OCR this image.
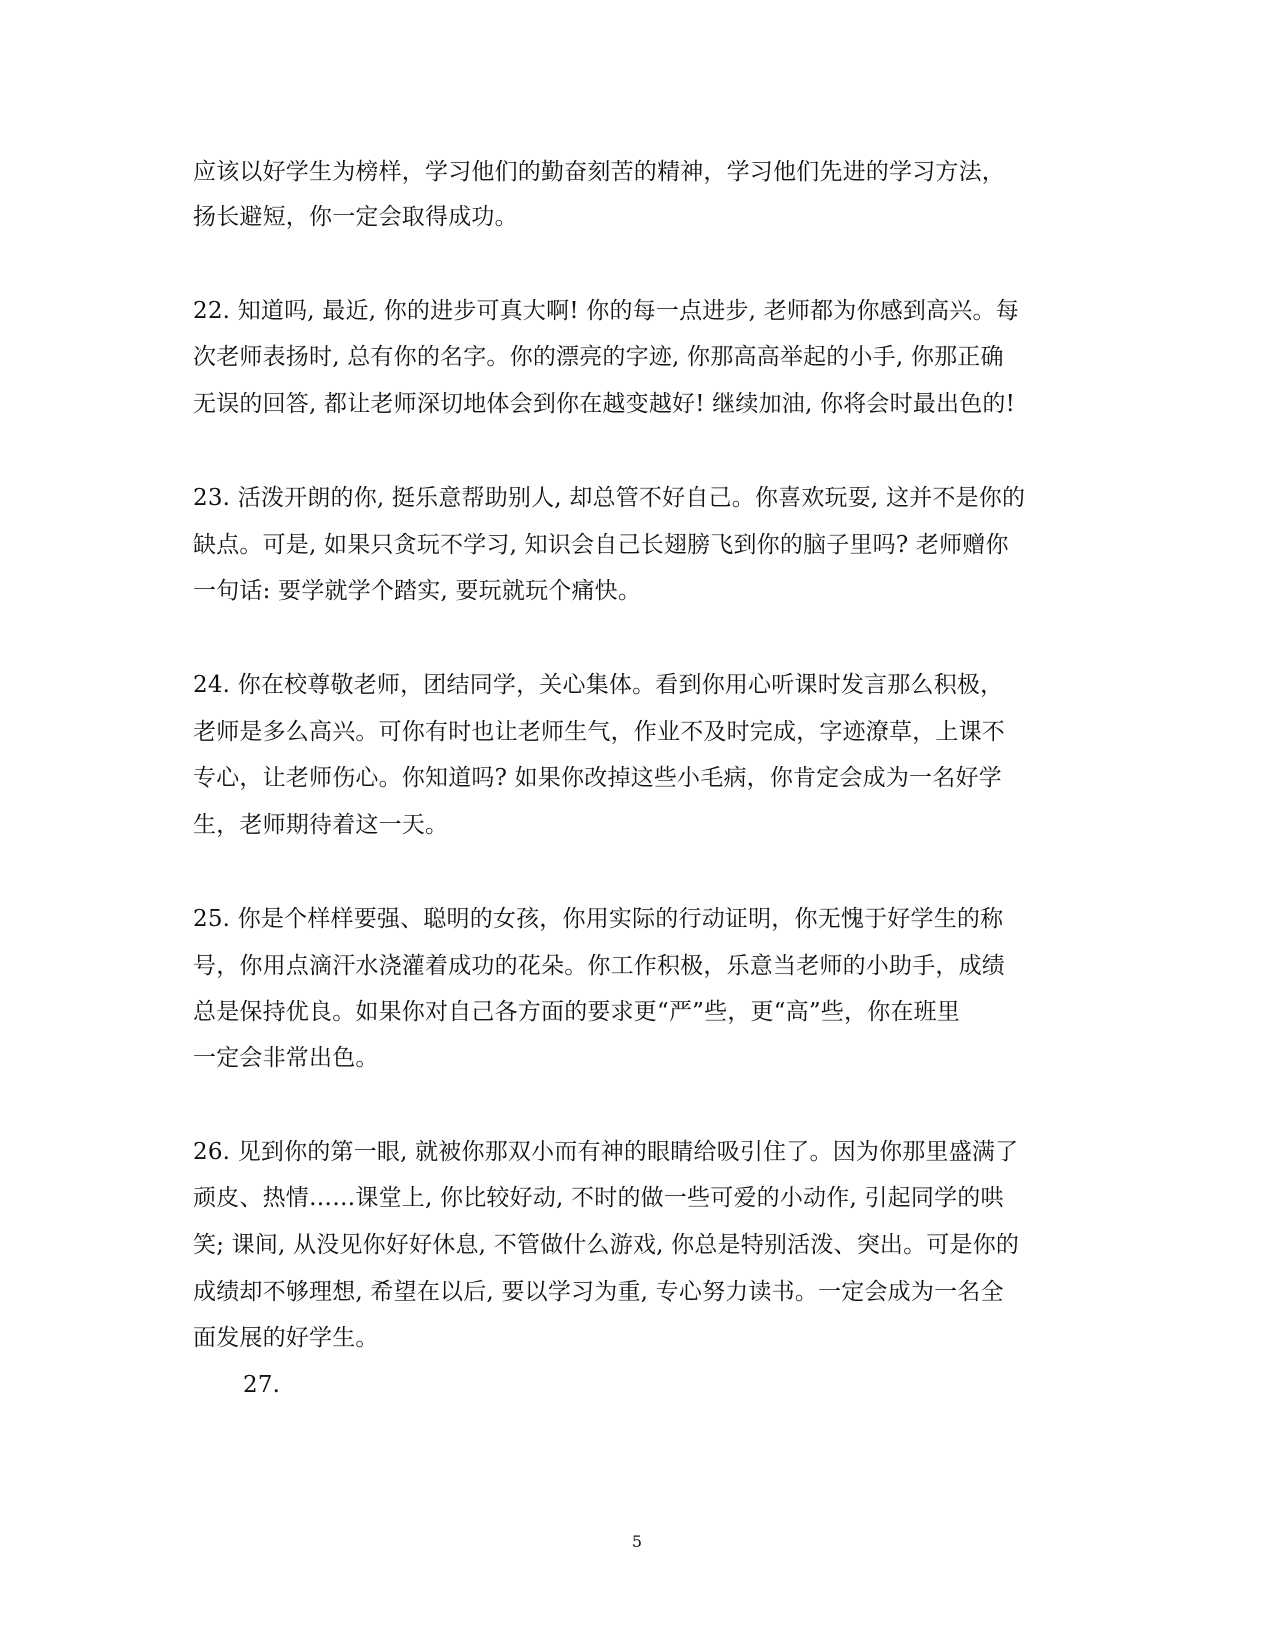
应该以好学生为榜样，学习他们的勤奋刻苦的精神，学习他们先进的学习方法，
扬长避短，你一定会取得成功。
22. 知道吗, 最近, 你的进步可真大啊! 你的每一点进步, 老师都为你感到高兴。每
次老师表扬时, 总有你的名字。你的漂亮的字迹, 你那高高举起的小手, 你那正确
无误的回答, 都让老师深切地体会到你在越变越好! 继续加油, 你将会时最出色的!
23. 活泼开朗的你, 挺乐意帮助别人, 却总管不好自己。你喜欢玩耍, 这并不是你的
缺点。可是, 如果只贪玩不学习, 知识会自己长翅膀飞到你的脑子里吗? 老师赠你
一句话: 要学就学个踏实, 要玩就玩个痛快。
24. 你在校尊敬老师，团结同学，关心集体。看到你用心听课时发言那么积极，
老师是多么高兴。可你有时也让老师生气，作业不及时完成，字迹潦草，上课不
专心，让老师伤心。你知道吗? 如果你改掉这些小毛病，你肯定会成为一名好学
生，老师期待着这一天。
25. 你是个样样要强、聪明的女孩，你用实际的行动证明，你无愧于好学生的称
号，你用点滴汗水浇灌着成功的花朵。你工作积极，乐意当老师的小助手，成绩
总是保持优良。如果你对自己各方面的要求更“严”些，更“高”些，你在班里
一定会非常出色。
26. 见到你的第一眼, 就被你那双小而有神的眼睛给吸引住了。因为你那里盛满了
顽皮、热情……课堂上, 你比较好动, 不时的做一些可爱的小动作, 引起同学的哄
笑; 课间, 从没见你好好休息, 不管做什么游戏, 你总是特别活泼、突出。可是你的
成绩却不够理想, 希望在以后, 要以学习为重, 专心努力读书。一定会成为一名全
面发展的好学生。
27.
5
